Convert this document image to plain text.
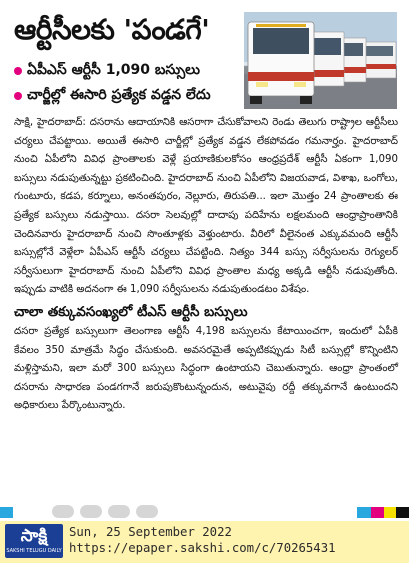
ఆర్టీసీలకు 'పండగే'
ఏపీఎస్ ఆర్టీసీ 1,090 బస్సులు
చార్జీల్లో ఈసారి ప్రత్యేక వడ్డన లేదు

సాక్షి, హైదరాబాద్: దసరాను ఆదాయానికి ఆసరాగా చేసుకోవాలని రెండు తెలుగు రాష్ట్రాల ఆర్టీసీలు చర్యలు చేపట్టాయి. అయితే ఈసారి చార్జీల్లో ప్రత్యేక వడ్డన లేకపోవడం గమనార్హం. హైదరాబాద్ నుంచి ఏపీలోని వివిధ ప్రాంతాలకు వెళ్లే ప్రయాణికులకోసం ఆంధ్రప్రదేశ్ ఆర్టీసీ ఏకంగా 1,090 బస్సులు నడుపుతున్నట్టు ప్రకటించింది. హైదరాబాద్ నుంచి ఏపీలోని విజయవాడ, విశాఖ, ఒంగోలు, గుంటూరు, కడప, కర్నూలు, అనంతపురం, నెల్లూరు, తిరుపతి... ఇలా మొత్తం 24 ప్రాంతాలకు ఈ ప్రత్యేక బస్సులు నడుస్తాయి. దసరా సెలవుల్లో దాదాపు పదిహేను లక్షలమంది ఆంధ్రాప్రాంతానికి చెందినవారు హైదరాబాద్ నుంచి సొంతూళ్లకు వెళ్తుంటారు. వీరిలో వీలైనంత ఎక్కువమంది ఆర్టీసీ బస్సుల్లోనే వెళ్లేలా ఏపీఎస్ ఆర్టీసీ చర్యలు చేపట్టింది. నిత్యం 344 బస్సు సర్వీసులను రెగ్యులర్ సర్వీసులుగా హైదరాబాద్ నుంచి ఏపీలోని వివిధ ప్రాంతాల మధ్య అక్కడి ఆర్టీసీ నడుపుతోంది. ఇప్పుడు వాటికి అదనంగా ఈ 1,090 సర్వీసులను నడుపుతుండటం విశేషం.

చాలా తక్కువసంఖ్యలో టీఎస్ ఆర్టీసీ బస్సులు

దసరా ప్రత్యేక బస్సులుగా తెలంగాణ ఆర్టీసీ 4,198 బస్సులను కేటాయించగా, ఇందులో ఏపీకి కేవలం 350 మాత్రమే సిద్ధం చేసుకుంది. అవసరమైతే అప్పటికప్పుడు సిటీ బస్సుల్లో కొన్నింటిని మళ్లిస్తామని, ఇలా మరో 300 బస్సులు సిద్ధంగా ఉంటాయని చెబుతున్నారు. ఆంధ్రా ప్రాంతంలో దసరాను సాధారణ పండగగానే జరుపుకొంటున్నందున, అటువైపు రద్దీ తక్కువగానే ఉంటుందని అధికారులు పేర్కొంటున్నారు.

సాక్షి
SAKSHI TELUGU DAILY
Sun, 25 September 2022
https://epaper.sakshi.com/c/70265431
